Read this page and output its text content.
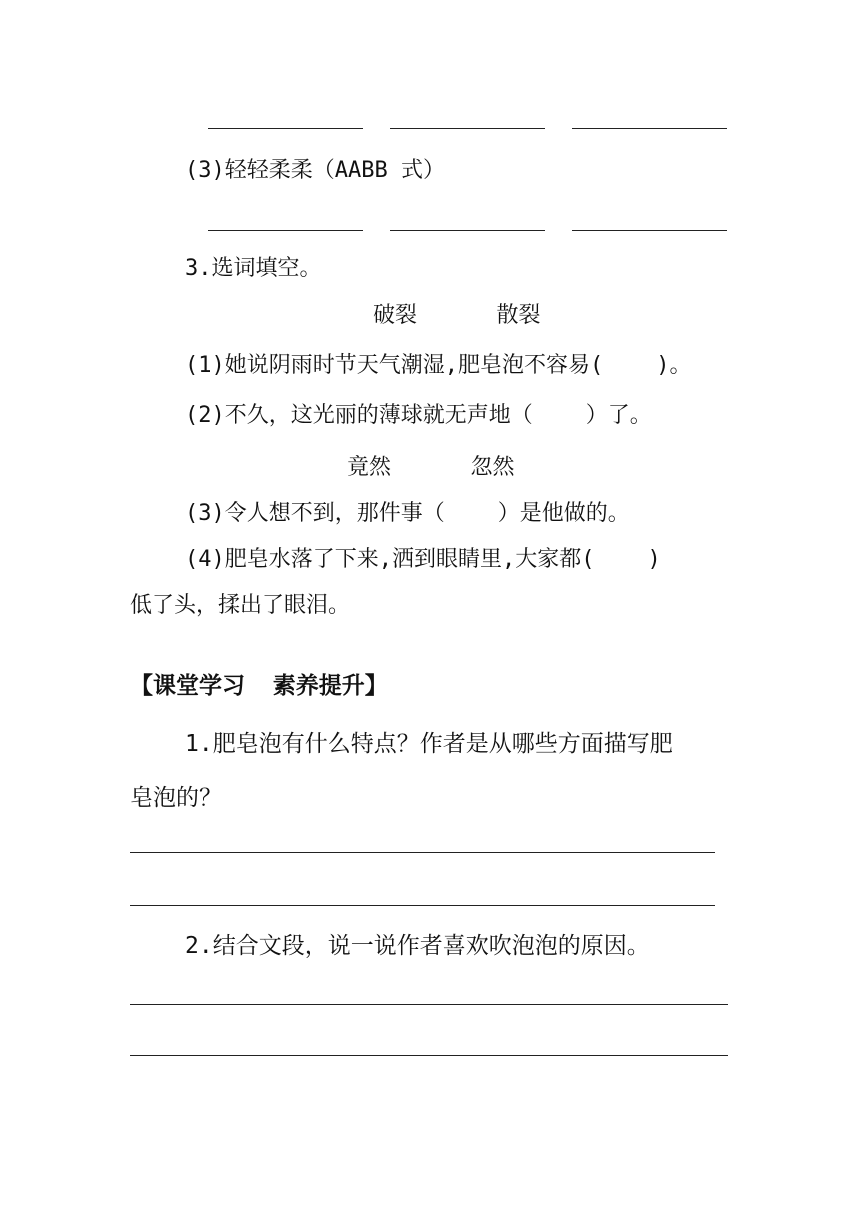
(3)轻轻柔柔（AABB 式）
3.选词填空。
破裂      散裂
(1)她说阴雨时节天气潮湿,肥皂泡不容易(    )。
(2)不久，这光丽的薄球就无声地（    ）了。
竟然      忽然
(3)令人想不到，那件事（    ）是他做的。
(4)肥皂水落了下来,洒到眼睛里,大家都(    )
低了头，揉出了眼泪。
【课堂学习  素养提升】
1.肥皂泡有什么特点？作者是从哪些方面描写肥
皂泡的？
2.结合文段，说一说作者喜欢吹泡泡的原因。
